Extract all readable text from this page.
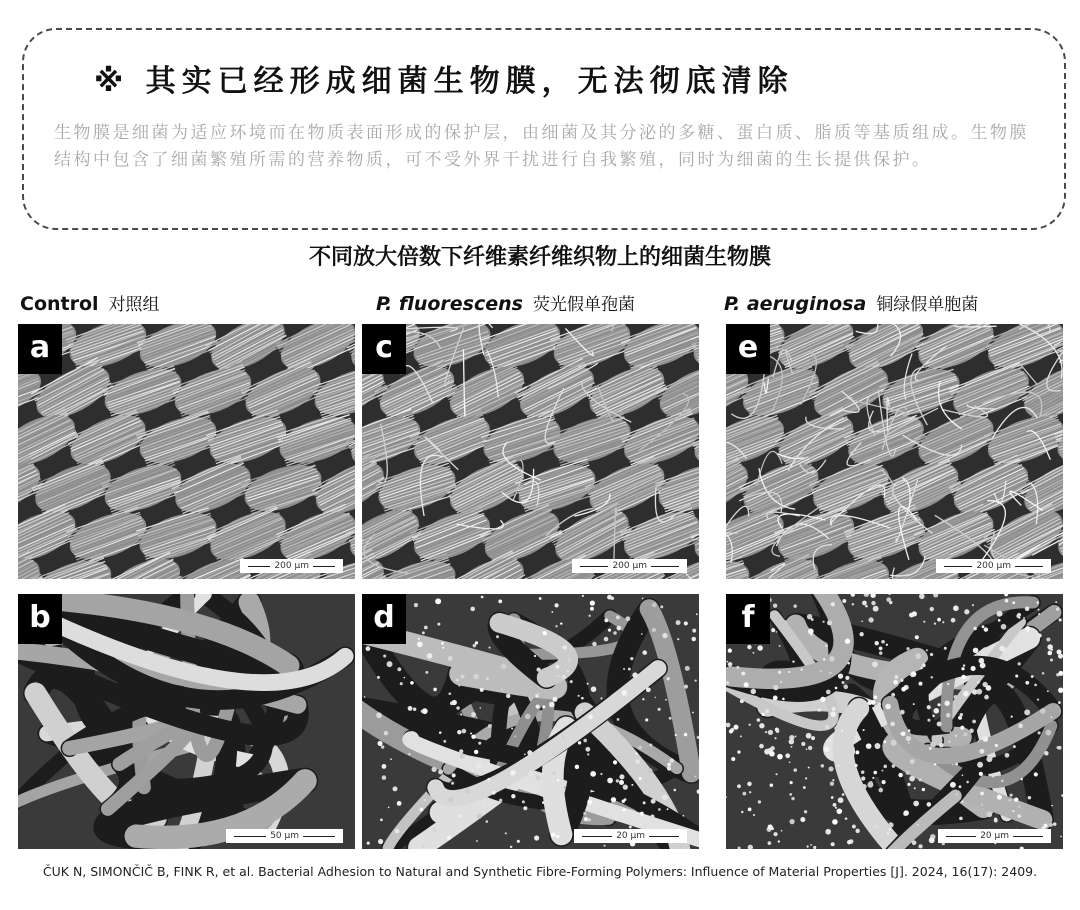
※ 其实已经形成细菌生物膜，无法彻底清除
生物膜是细菌为适应环境而在物质表面形成的保护层，由细菌及其分泌的多糖、蛋白质、脂质等基质组成。生物膜结构中包含了细菌繁殖所需的营养物质，可不受外界干扰进行自我繁殖，同时为细菌的生长提供保护。
不同放大倍数下纤维素纤维织物上的细菌生物膜
Control 对照组	P. fluorescens 荧光假单孢菌	P. aeruginosa 铜绿假单胞菌
a
200 μm
c
200 μm
e
200 μm
b
50 μm
d
20 μm
f
20 μm
ČUK N, SIMONČIČ B, FINK R, et al. Bacterial Adhesion to Natural and Synthetic Fibre-Forming Polymers: Influence of Material Properties [J]. 2024, 16(17): 2409.
